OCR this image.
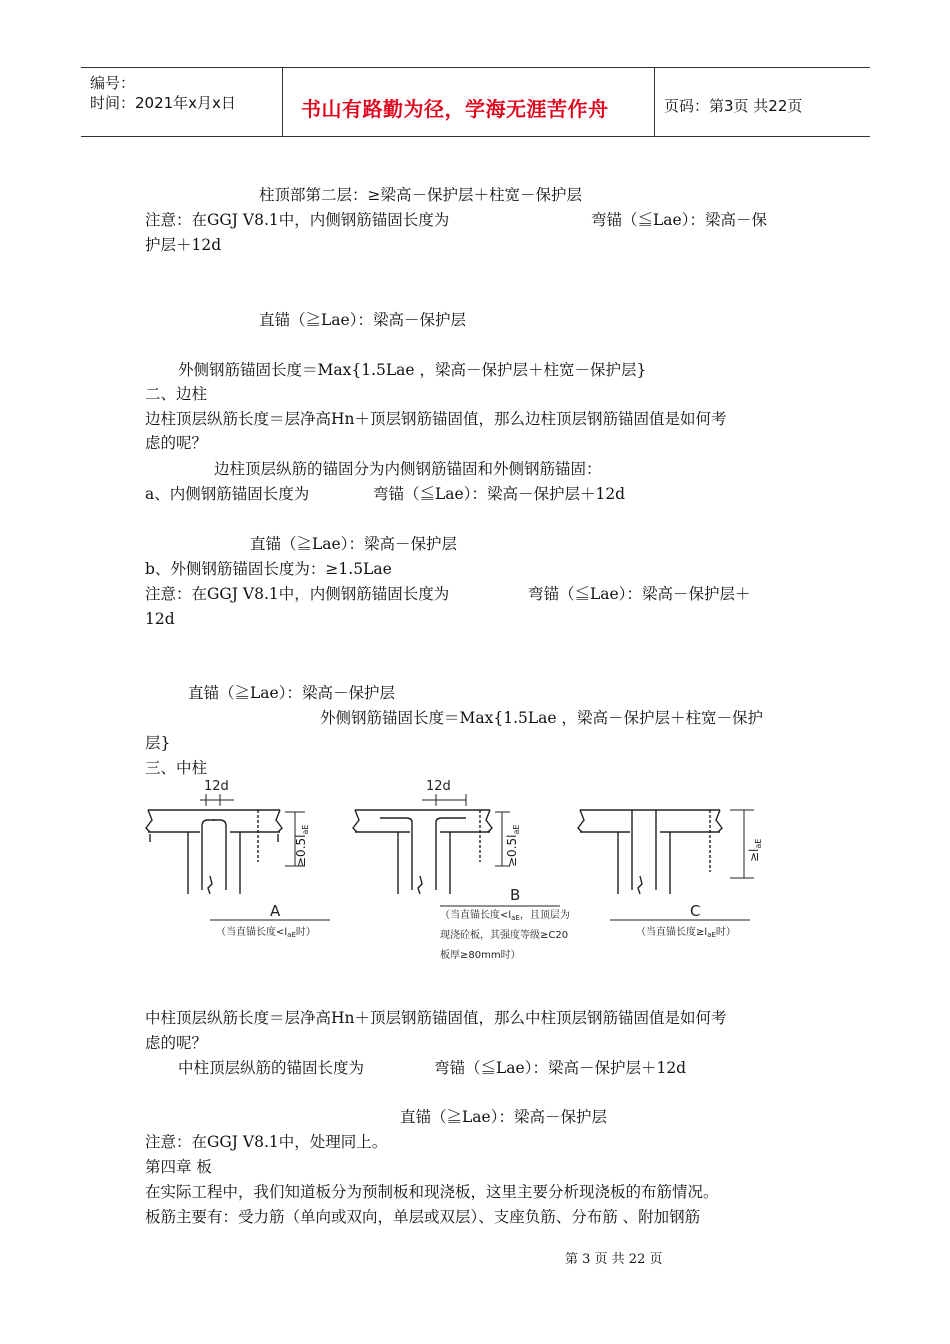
编号：
时间：2021年x月x日	书山有路勤为径，学海无涯苦作舟	页码：第3页 共22页
柱顶部第二层：≥梁高－保护层＋柱宽－保护层
注意：在GGJ V8.1中，内侧钢筋锚固长度为	弯锚（≦Lae）：梁高－保
护层＋12d
直锚（≧Lae）：梁高－保护层
外侧钢筋锚固长度＝Max{1.5Lae ，梁高－保护层＋柱宽－保护层}
二、边柱
边柱顶层纵筋长度＝层净高Hn＋顶层钢筋锚固值，那么边柱顶层钢筋锚固值是如何考
虑的呢？
边柱顶层纵筋的锚固分为内侧钢筋锚固和外侧钢筋锚固：
a、内侧钢筋锚固长度为	弯锚（≦Lae）：梁高－保护层＋12d
直锚（≧Lae）：梁高－保护层
b、外侧钢筋锚固长度为：≥1.5Lae
注意：在GGJ V8.1中，内侧钢筋锚固长度为	弯锚（≦Lae）：梁高－保护层＋
12d
直锚（≧Lae）：梁高－保护层
外侧钢筋锚固长度＝Max{1.5Lae ，梁高－保护层＋柱宽－保护
层}
三、中柱
12d	12d
$\ge 0.5l_{aE}$
$\ge 0.5l_{aE}$
$\ge l_{aE}$
A
（当直锚长度$<l_{aE}$时）
B
（当直锚长度$<l_{aE}$，且顶层为
现浇砼板，其强度等级≥C20
板厚≥80mm时）
C
（当直锚长度$\ge l_{aE}$时）
中柱顶层纵筋长度＝层净高Hn＋顶层钢筋锚固值，那么中柱顶层钢筋锚固值是如何考
虑的呢？
中柱顶层纵筋的锚固长度为	弯锚（≦Lae）：梁高－保护层＋12d
直锚（≧Lae）：梁高－保护层
注意：在GGJ V8.1中，处理同上。
第四章 板
在实际工程中，我们知道板分为预制板和现浇板，这里主要分析现浇板的布筋情况。
板筋主要有：受力筋（单向或双向，单层或双层）、支座负筋、分布筋 、附加钢筋
第 3 页 共 22 页
